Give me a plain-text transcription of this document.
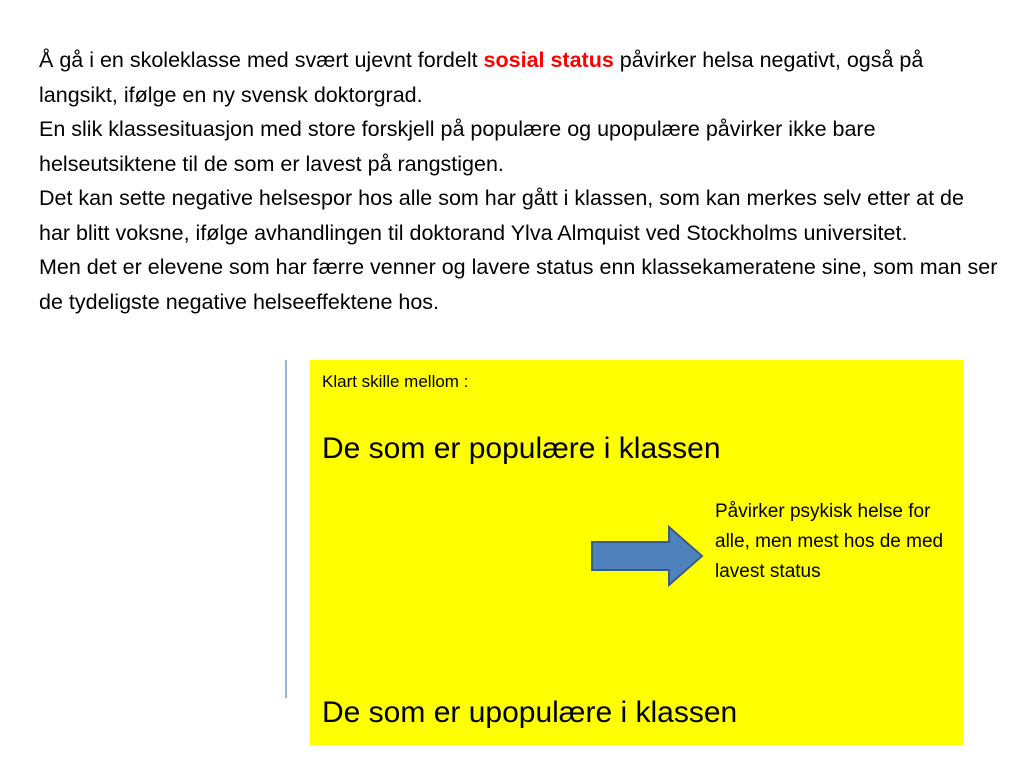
Å gå i en skoleklasse med svært ujevnt fordelt sosial status påvirker helsa negativt, også på langsikt, ifølge en ny svensk doktorgrad.

En slik klassesituasjon med store forskjell på populære og upopulære påvirker ikke bare helseutsiktene til de som er lavest på rangstigen.

Det kan sette negative helsespor hos alle som har gått i klassen, som kan merkes selv etter at de har blitt voksne, ifølge avhandlingen til doktorand Ylva Almquist ved Stockholms universitet.

Men det er elevene som har færre venner og lavere status enn klassekameratene sine, som man ser de tydeligste negative helseeffektene hos.

Klart skille mellom :

De som er populære i klassen

Påvirker psykisk helse for alle, men mest hos de med lavest status

De som er upopulære i klassen
